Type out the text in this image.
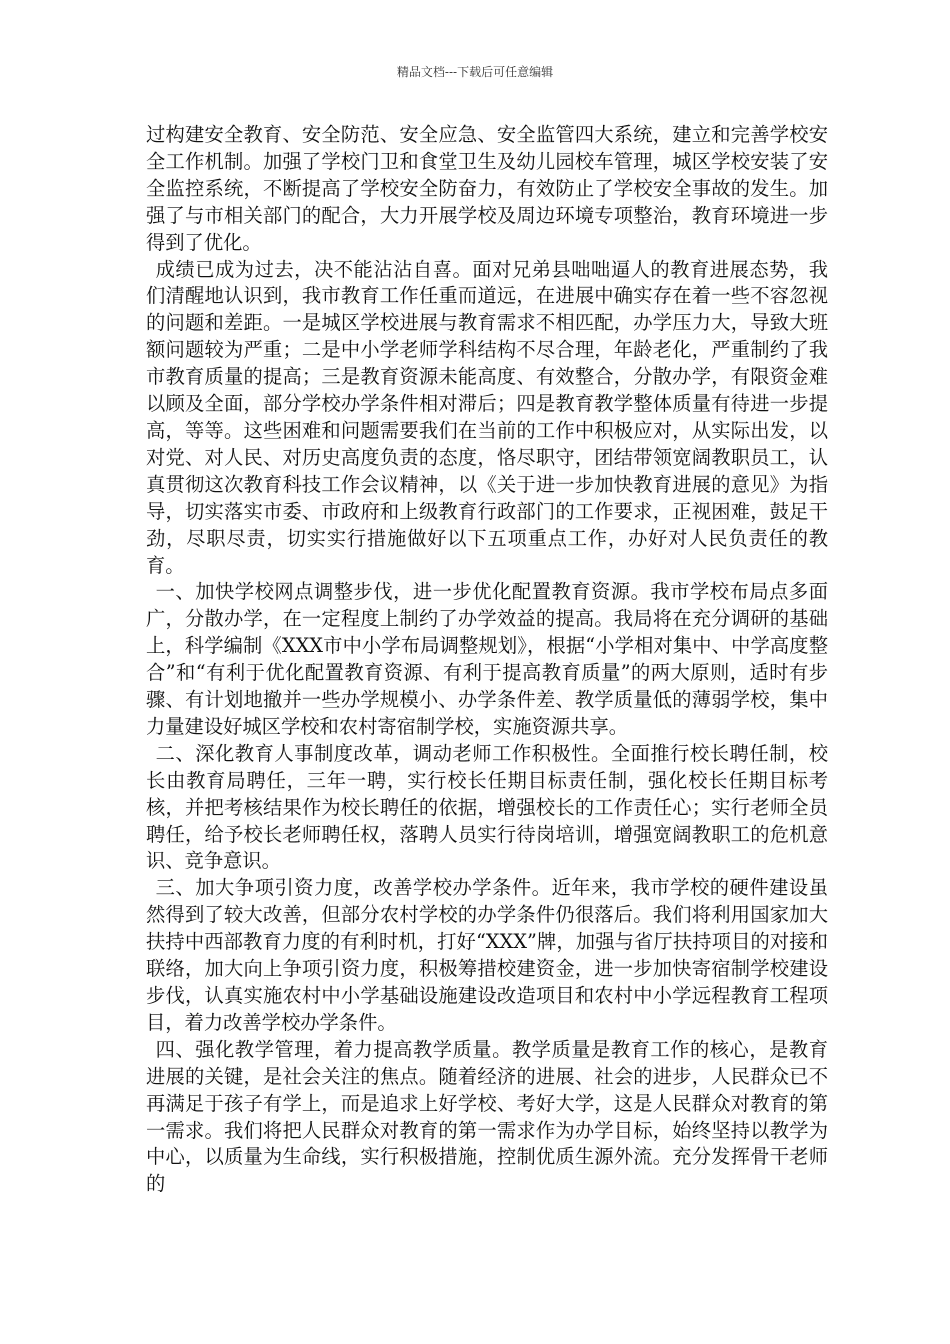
精品文档---下载后可任意编辑

过构建安全教育、安全防范、安全应急、安全监管四大系统，建立和完善学校安全工作机制。加强了学校门卫和食堂卫生及幼儿园校车管理，城区学校安装了安全监控系统，不断提高了学校安全防奋力，有效防止了学校安全事故的发生。加强了与市相关部门的配合，大力开展学校及周边环境专项整治，教育环境进一步得到了优化。

成绩已成为过去，决不能沾沾自喜。面对兄弟县咄咄逼人的教育进展态势，我们清醒地认识到，我市教育工作任重而道远，在进展中确实存在着一些不容忽视的问题和差距。一是城区学校进展与教育需求不相匹配，办学压力大，导致大班额问题较为严重；二是中小学老师学科结构不尽合理，年龄老化，严重制约了我市教育质量的提高；三是教育资源未能高度、有效整合，分散办学，有限资金难以顾及全面，部分学校办学条件相对滞后；四是教育教学整体质量有待进一步提高，等等。这些困难和问题需要我们在当前的工作中积极应对，从实际出发，以对党、对人民、对历史高度负责的态度，恪尽职守，团结带领宽阔教职员工，认真贯彻这次教育科技工作会议精神，以《关于进一步加快教育进展的意见》为指导，切实落实市委、市政府和上级教育行政部门的工作要求，正视困难，鼓足干劲，尽职尽责，切实实行措施做好以下五项重点工作，办好对人民负责任的教育。

一、加快学校网点调整步伐，进一步优化配置教育资源。我市学校布局点多面广，分散办学，在一定程度上制约了办学效益的提高。我局将在充分调研的基础上，科学编制《XXX市中小学布局调整规划》，根据“小学相对集中、中学高度整合”和“有利于优化配置教育资源、有利于提高教育质量”的两大原则，适时有步骤、有计划地撤并一些办学规模小、办学条件差、教学质量低的薄弱学校，集中力量建设好城区学校和农村寄宿制学校，实施资源共享。

二、深化教育人事制度改革，调动老师工作积极性。全面推行校长聘任制，校长由教育局聘任，三年一聘，实行校长任期目标责任制，强化校长任期目标考核，并把考核结果作为校长聘任的依据，增强校长的工作责任心；实行老师全员聘任，给予校长老师聘任权，落聘人员实行待岗培训，增强宽阔教职工的危机意识、竞争意识。

三、加大争项引资力度，改善学校办学条件。近年来，我市学校的硬件建设虽然得到了较大改善，但部分农村学校的办学条件仍很落后。我们将利用国家加大扶持中西部教育力度的有利时机，打好“XXX”牌，加强与省厅扶持项目的对接和联络，加大向上争项引资力度，积极筹措校建资金，进一步加快寄宿制学校建设步伐，认真实施农村中小学基础设施建设改造项目和农村中小学远程教育工程项目，着力改善学校办学条件。

四、强化教学管理，着力提高教学质量。教学质量是教育工作的核心，是教育进展的关键，是社会关注的焦点。随着经济的进展、社会的进步，人民群众已不再满足于孩子有学上，而是追求上好学校、考好大学，这是人民群众对教育的第一需求。我们将把人民群众对教育的第一需求作为办学目标，始终坚持以教学为中心，以质量为生命线，实行积极措施，控制优质生源外流。充分发挥骨干老师的
